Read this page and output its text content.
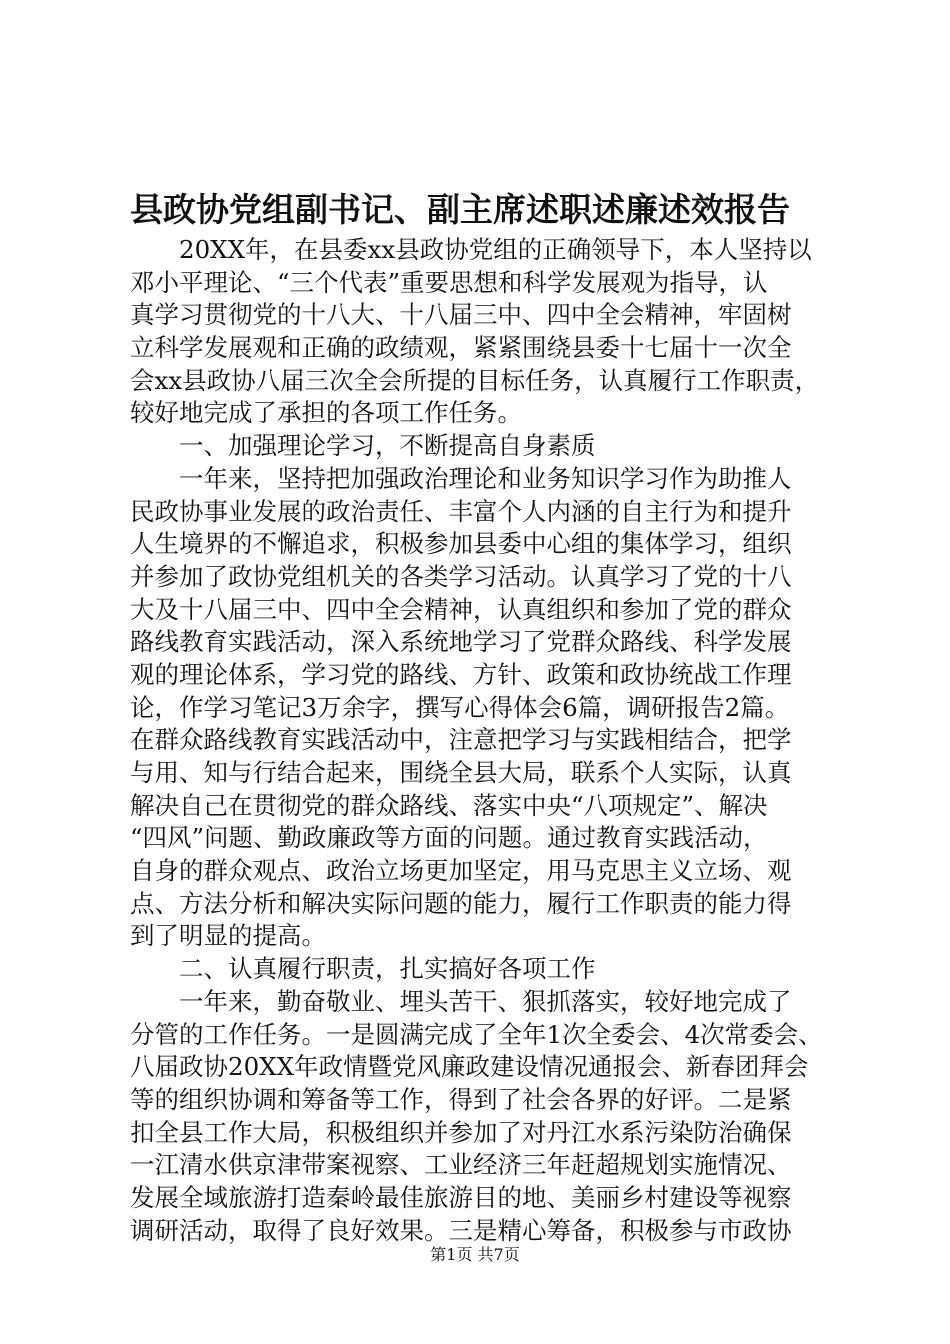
县政协党组副书记、副主席述职述廉述效报告
20XX年，在县委xx县政协党组的正确领导下，本人坚持以
邓小平理论、“三个代表”重要思想和科学发展观为指导，认
真学习贯彻党的十八大、十八届三中、四中全会精神，牢固树
立科学发展观和正确的政绩观，紧紧围绕县委十七届十一次全
会xx县政协八届三次全会所提的目标任务，认真履行工作职责，
较好地完成了承担的各项工作任务。
一、加强理论学习，不断提高自身素质
一年来，坚持把加强政治理论和业务知识学习作为助推人
民政协事业发展的政治责任、丰富个人内涵的自主行为和提升
人生境界的不懈追求，积极参加县委中心组的集体学习，组织
并参加了政协党组机关的各类学习活动。认真学习了党的十八
大及十八届三中、四中全会精神，认真组织和参加了党的群众
路线教育实践活动，深入系统地学习了党群众路线、科学发展
观的理论体系，学习党的路线、方针、政策和政协统战工作理
论，作学习笔记3万余字，撰写心得体会6篇，调研报告2篇。
在群众路线教育实践活动中，注意把学习与实践相结合，把学
与用、知与行结合起来，围绕全县大局，联系个人实际，认真
解决自己在贯彻党的群众路线、落实中央“八项规定”、解决
“四风”问题、勤政廉政等方面的问题。通过教育实践活动，
自身的群众观点、政治立场更加坚定，用马克思主义立场、观
点、方法分析和解决实际问题的能力，履行工作职责的能力得
到了明显的提高。
二、认真履行职责，扎实搞好各项工作
一年来，勤奋敬业、埋头苦干、狠抓落实，较好地完成了
分管的工作任务。一是圆满完成了全年1次全委会、4次常委会、
八届政协20XX年政情暨党风廉政建设情况通报会、新春团拜会
等的组织协调和筹备等工作，得到了社会各界的好评。二是紧
扣全县工作大局，积极组织并参加了对丹江水系污染防治确保
一江清水供京津带案视察、工业经济三年赶超规划实施情况、
发展全域旅游打造秦岭最佳旅游目的地、美丽乡村建设等视察
调研活动，取得了良好效果。三是精心筹备，积极参与市政协
第1页 共7页
